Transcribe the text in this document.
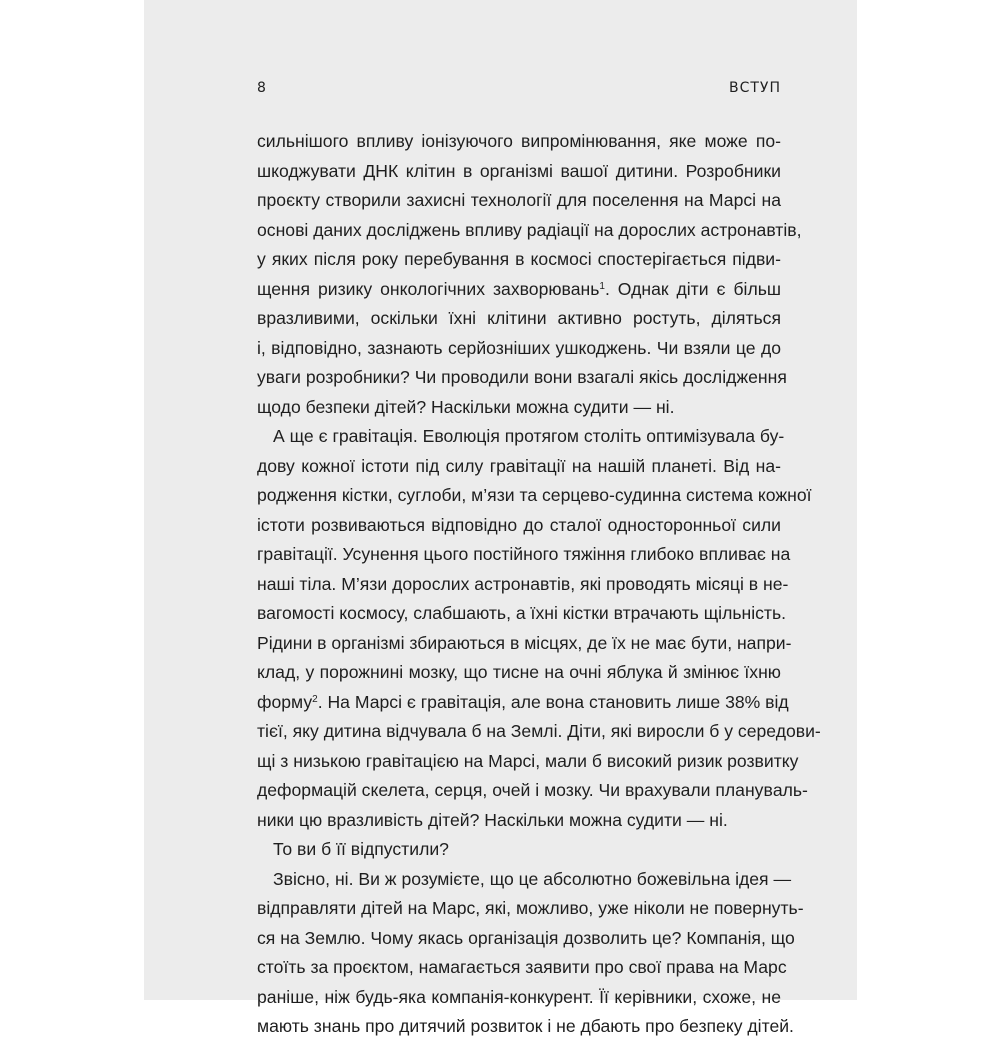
8	ВСТУП
сильнішого впливу іонізуючого випромінювання, яке може по-
шкоджувати ДНК клітин в організмі вашої дитини. Розробники
проєкту створили захисні технології для поселення на Марсі на
основі даних досліджень впливу радіації на дорослих астронавтів,
у яких після року перебування в космосі спостерігається підви-
щення ризику онкологічних захворювань$^1$. Однак діти є більш
вразливими, оскільки їхні клітини активно ростуть, діляться
і, відповідно, зазнають серйозніших ушкоджень. Чи взяли це до
уваги розробники? Чи проводили вони взагалі якісь дослідження
щодо безпеки дітей? Наскільки можна судити — ні.
А ще є гравітація. Еволюція протягом століть оптимізувала бу-
дову кожної істоти під силу гравітації на нашій планеті. Від на-
родження кістки, суглоби, м’язи та серцево-судинна система кожної
істоти розвиваються відповідно до сталої односторонньої сили
гравітації. Усунення цього постійного тяжіння глибоко впливає на
наші тіла. М’язи дорослих астронавтів, які проводять місяці в не-
вагомості космосу, слабшають, а їхні кістки втрачають щільність.
Рідини в організмі збираються в місцях, де їх не має бути, напри-
клад, у порожнині мозку, що тисне на очні яблука й змінює їхню
форму$^2$. На Марсі є гравітація, але вона становить лише 38% від
тієї, яку дитина відчувала б на Землі. Діти, які виросли б у середови-
щі з низькою гравітацією на Марсі, мали б високий ризик розвитку
деформацій скелета, серця, очей і мозку. Чи врахували планувaль-
ники цю вразливість дітей? Наскільки можна судити — ні.
То ви б її відпустили?
Звісно, ні. Ви ж розумієте, що це абсолютно божевільна ідея —
відправляти дітей на Марс, які, можливо, уже ніколи не повернуть-
ся на Землю. Чому якась організація дозволить це? Компанія, що
стоїть за проєктом, намагається заявити про свої права на Марс
раніше, ніж будь-яка компанія-конкурент. Її керівники, схоже, не
мають знань про дитячий розвиток і не дбають про безпеку дітей.
